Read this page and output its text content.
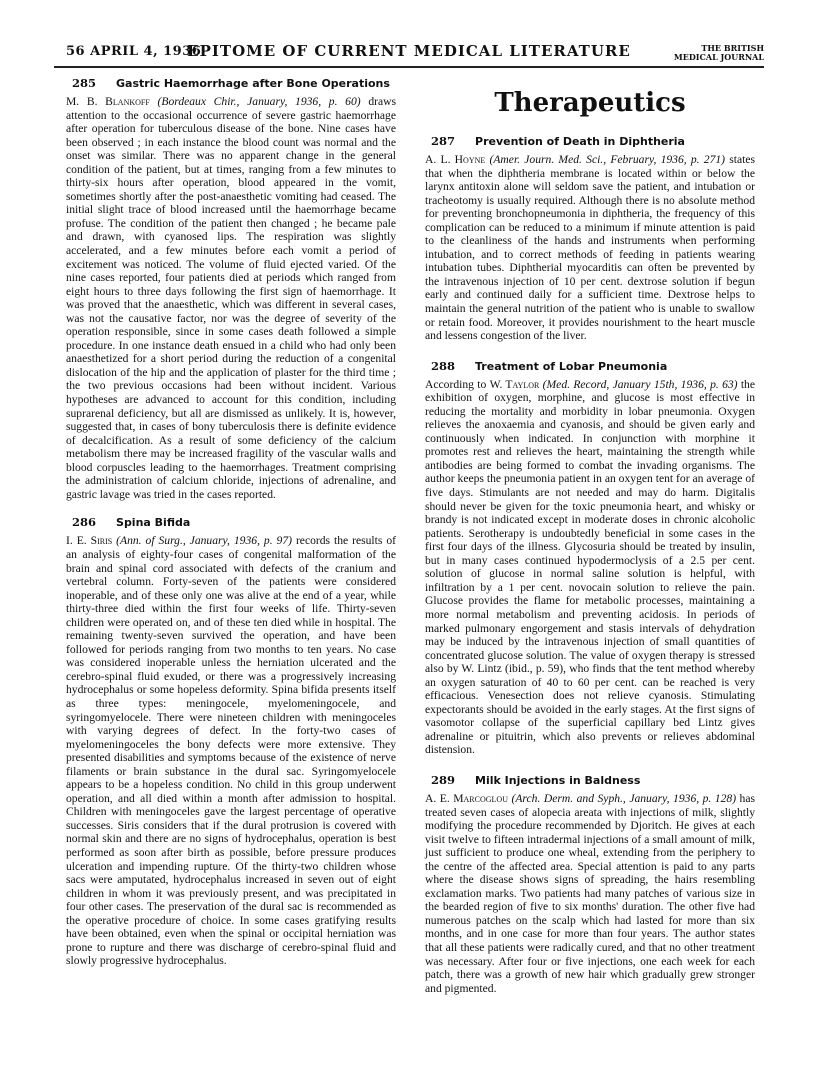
56 APRIL 4, 1936
EPITOME OF CURRENT MEDICAL LITERATURE	THE BRITISH
MEDICAL JOURNAL
285 Gastric Haemorrhage after Bone Operations

M. B. Blankoff (Bordeaux Chir., January, 1936, p. 60) draws attention to the occasional occurrence of severe gastric haemorrhage after operation for tuberculous disease of the bone. Nine cases have been observed ; in each instance the blood count was normal and the onset was similar. There was no apparent change in the general condition of the patient, but at times, ranging from a few minutes to thirty-six hours after operation, blood appeared in the vomit, sometimes shortly after the post-anaesthetic vomiting had ceased. The initial slight trace of blood increased until the haemorrhage became profuse. The condition of the patient then changed ; he became pale and drawn, with cyanosed lips. The respiration was slightly accelerated, and a few minutes before each vomit a period of excitement was noticed. The volume of fluid ejected varied. Of the nine cases reported, four patients died at periods which ranged from eight hours to three days following the first sign of haemorrhage. It was proved that the anaesthetic, which was different in several cases, was not the causative factor, nor was the degree of severity of the operation responsible, since in some cases death followed a simple procedure. In one instance death ensued in a child who had only been anaesthetized for a short period during the reduction of a congenital dislocation of the hip and the application of plaster for the third time ; the two previous occasions had been without incident. Various hypotheses are advanced to account for this condition, including suprarenal deficiency, but all are dismissed as unlikely. It is, however, suggested that, in cases of bony tuberculosis there is definite evidence of decalcification. As a result of some deficiency of the calcium metabolism there may be increased fragility of the vascular walls and blood corpuscles leading to the haemorrhages. Treatment comprising the administration of calcium chloride, injections of adrenaline, and gastric lavage was tried in the cases reported.

286 Spina Bifida

I. E. Siris (Ann. of Surg., January, 1936, p. 97) records the results of an analysis of eighty-four cases of congenital malformation of the brain and spinal cord associated with defects of the cranium and vertebral column. Forty-seven of the patients were considered inoperable, and of these only one was alive at the end of a year, while thirty-three died within the first four weeks of life. Thirty-seven children were operated on, and of these ten died while in hospital. The remaining twenty-seven survived the operation, and have been followed for periods ranging from two months to ten years. No case was considered inoperable unless the herniation ulcerated and the cerebro-spinal fluid exuded, or there was a progressively increasing hydrocephalus or some hopeless deformity. Spina bifida presents itself as three types: meningocele, myelomeningocele, and syringomyelocele. There were nineteen children with meningoceles with varying degrees of defect. In the forty-two cases of myelomeningoceles the bony defects were more extensive. They presented disabilities and symptoms because of the existence of nerve filaments or brain substance in the dural sac. Syringomyelocele appears to be a hopeless condition. No child in this group underwent operation, and all died within a month after admission to hospital. Children with meningoceles gave the largest percentage of operative successes. Siris considers that if the dural protrusion is covered with normal skin and there are no signs of hydrocephalus, operation is best performed as soon after birth as possible, before pressure produces ulceration and impending rupture. Of the thirty-two children whose sacs were amputated, hydrocephalus increased in seven out of eight children in whom it was previously present, and was precipitated in four other cases. The preservation of the dural sac is recommended as the operative procedure of choice. In some cases gratifying results have been obtained, even when the spinal or occipital herniation was prone to rupture and there was discharge of cerebro-spinal fluid and slowly progressive hydrocephalus.

Therapeutics
287 Prevention of Death in Diphtheria

A. L. Hoyne (Amer. Journ. Med. Sci., February, 1936, p. 271) states that when the diphtheria membrane is located within or below the larynx antitoxin alone will seldom save the patient, and intubation or tracheotomy is usually required. Although there is no absolute method for preventing bronchopneumonia in diphtheria, the frequency of this complication can be reduced to a minimum if minute attention is paid to the cleanliness of the hands and instruments when performing intubation, and to correct methods of feeding in patients wearing intubation tubes. Diphtherial myocarditis can often be prevented by the intravenous injection of 10 per cent. dextrose solution if begun early and continued daily for a sufficient time. Dextrose helps to maintain the general nutrition of the patient who is unable to swallow or retain food. Moreover, it provides nourishment to the heart muscle and lessens congestion of the liver.

288 Treatment of Lobar Pneumonia

According to W. Taylor (Med. Record, January 15th, 1936, p. 63) the exhibition of oxygen, morphine, and glucose is most effective in reducing the mortality and morbidity in lobar pneumonia. Oxygen relieves the anoxaemia and cyanosis, and should be given early and continuously when indicated. In conjunction with morphine it promotes rest and relieves the heart, maintaining the strength while antibodies are being formed to combat the invading organisms. The author keeps the pneumonia patient in an oxygen tent for an average of five days. Stimulants are not needed and may do harm. Digitalis should never be given for the toxic pneumonia heart, and whisky or brandy is not indicated except in moderate doses in chronic alcoholic patients. Serotherapy is undoubtedly beneficial in some cases in the first four days of the illness. Glycosuria should be treated by insulin, but in many cases continued hypodermoclysis of a 2.5 per cent. solution of glucose in normal saline solution is helpful, with infiltration by a 1 per cent. novocain solution to relieve the pain. Glucose provides the flame for metabolic processes, maintaining a more normal metabolism and preventing acidosis. In periods of marked pulmonary engorgement and stasis intervals of dehydration may be induced by the intravenous injection of small quantities of concentrated glucose solution. The value of oxygen therapy is stressed also by W. Lintz (ibid., p. 59), who finds that the tent method whereby an oxygen saturation of 40 to 60 per cent. can be reached is very efficacious. Venesection does not relieve cyanosis. Stimulating expectorants should be avoided in the early stages. At the first signs of vasomotor collapse of the superficial capillary bed Lintz gives adrenaline or pituitrin, which also prevents or relieves abdominal distension.

289 Milk Injections in Baldness

A. E. Marcoglou (Arch. Derm. and Syph., January, 1936, p. 128) has treated seven cases of alopecia areata with injections of milk, slightly modifying the procedure recommended by Djoritch. He gives at each visit twelve to fifteen intradermal injections of a small amount of milk, just sufficient to produce one wheal, extending from the periphery to the centre of the affected area. Special attention is paid to any parts where the disease shows signs of spreading, the hairs resembling exclamation marks. Two patients had many patches of various size in the bearded region of five to six months' duration. The other five had numerous patches on the scalp which had lasted for more than six months, and in one case for more than four years. The author states that all these patients were radically cured, and that no other treatment was necessary. After four or five injections, one each week for each patch, there was a growth of new hair which gradually grew stronger and pigmented.
